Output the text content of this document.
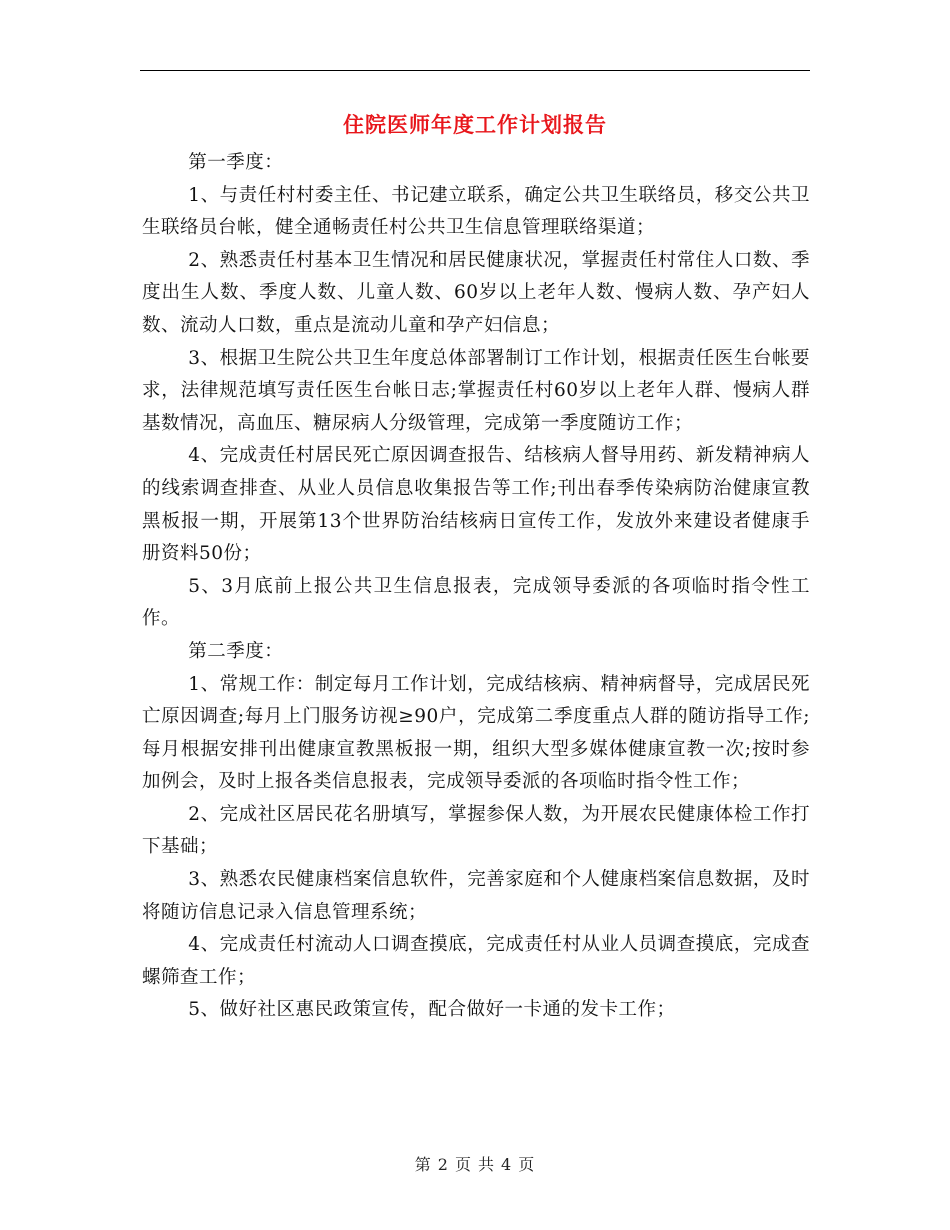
住院医师年度工作计划报告

第一季度：

1、与责任村村委主任、书记建立联系，确定公共卫生联络员，移交公共卫生联络员台帐，健全通畅责任村公共卫生信息管理联络渠道；

2、熟悉责任村基本卫生情况和居民健康状况，掌握责任村常住人口数、季度出生人数、季度人数、儿童人数、60岁以上老年人数、慢病人数、孕产妇人数、流动人口数，重点是流动儿童和孕产妇信息；

3、根据卫生院公共卫生年度总体部署制订工作计划，根据责任医生台帐要求，法律规范填写责任医生台帐日志;掌握责任村60岁以上老年人群、慢病人群基数情况，高血压、糖尿病人分级管理，完成第一季度随访工作；

4、完成责任村居民死亡原因调查报告、结核病人督导用药、新发精神病人的线索调查排查、从业人员信息收集报告等工作;刊出春季传染病防治健康宣教黑板报一期，开展第13个世界防治结核病日宣传工作，发放外来建设者健康手册资料50份；

5、3月底前上报公共卫生信息报表，完成领导委派的各项临时指令性工作。

第二季度：

1、常规工作：制定每月工作计划，完成结核病、精神病督导，完成居民死亡原因调查;每月上门服务访视≥90户，完成第二季度重点人群的随访指导工作;每月根据安排刊出健康宣教黑板报一期，组织大型多媒体健康宣教一次;按时参加例会，及时上报各类信息报表，完成领导委派的各项临时指令性工作；

2、完成社区居民花名册填写，掌握参保人数，为开展农民健康体检工作打下基础；

3、熟悉农民健康档案信息软件，完善家庭和个人健康档案信息数据，及时将随访信息记录入信息管理系统；

4、完成责任村流动人口调查摸底，完成责任村从业人员调查摸底，完成查螺筛查工作；

5、做好社区惠民政策宣传，配合做好一卡通的发卡工作；

第 2 页 共 4 页
